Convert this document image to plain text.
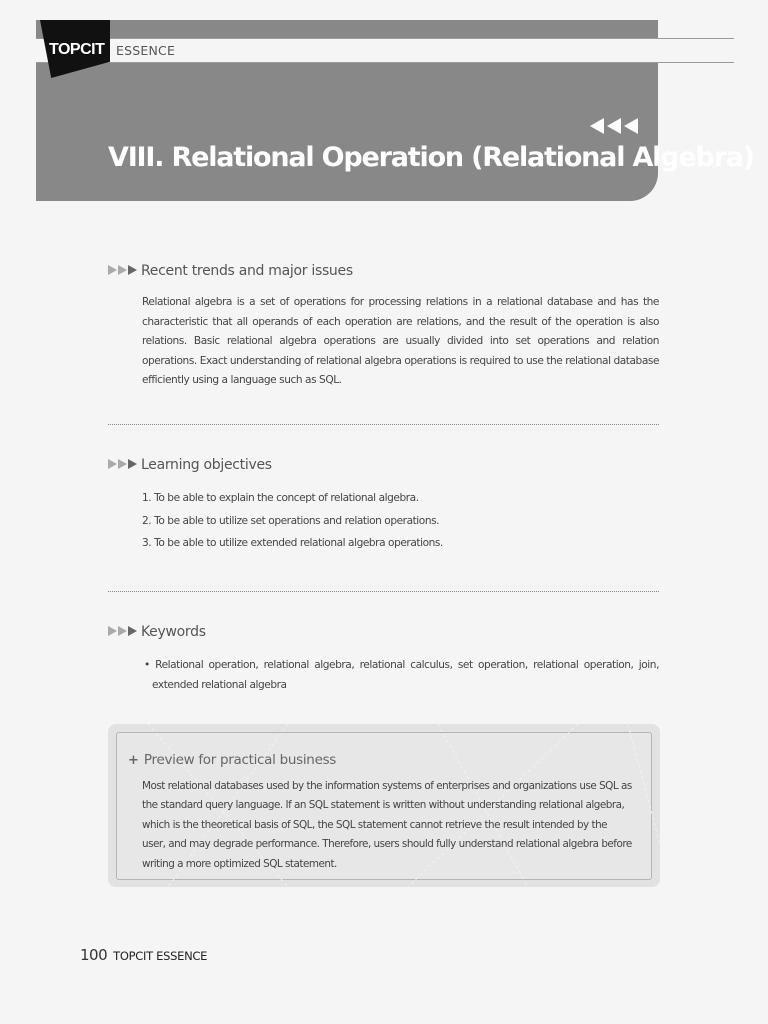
TOPCIT ESSENCE
VIII. Relational Operation (Relational Algebra)
Recent trends and major issues

Relational algebra is a set of operations for processing relations in a relational database and has the characteristic that all operands of each operation are relations, and the result of the operation is also relations. Basic relational algebra operations are usually divided into set operations and relation operations. Exact understanding of relational algebra operations is required to use the relational database efficiently using a language such as SQL.

Learning objectives
1. To be able to explain the concept of relational algebra.
2. To be able to utilize set operations and relation operations.
3. To be able to utilize extended relational algebra operations.
Keywords

• Relational operation, relational algebra, relational calculus, set operation, relational operation, join, extended relational algebra

+ Preview for practical business

Most relational databases used by the information systems of enterprises and organizations use SQL as the standard query language. If an SQL statement is written without understanding relational algebra, which is the theoretical basis of SQL, the SQL statement cannot retrieve the result intended by the user, and may degrade performance. Therefore, users should fully understand relational algebra before writing a more optimized SQL statement.

100 TOPCIT ESSENCE
